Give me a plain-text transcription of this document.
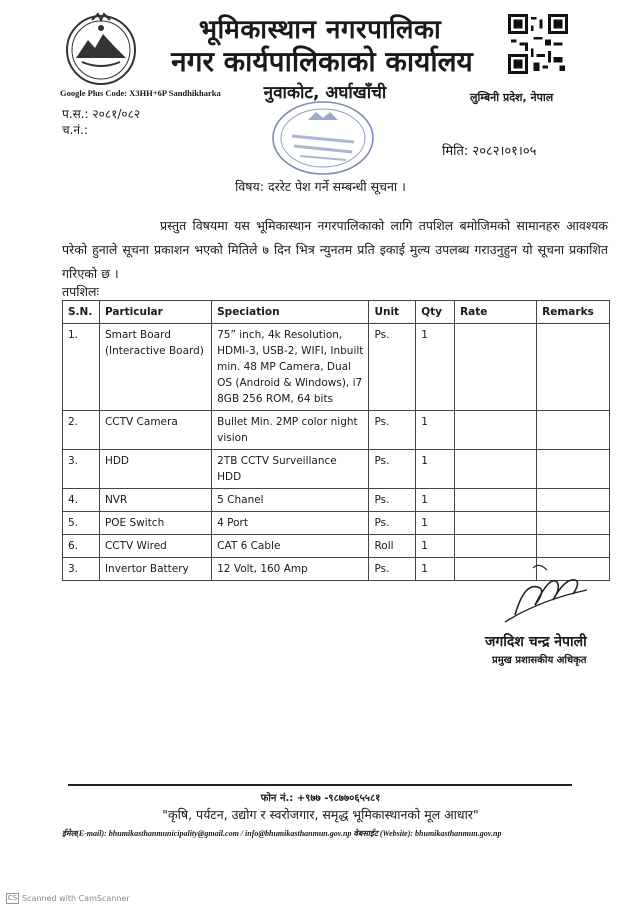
भूमिकास्थान नगरपालिका
नगर कार्यपालिकाको कार्यालय
नुवाकोट, अर्घाखाँची
Google Plus Code: X3HH+6P Sandhikharka	लुम्बिनी प्रदेश, नेपाल
प.स.: २०८१/०८२
च.नं.:
मिति: २०८२।०१।०५
विषय: दररेट पेश गर्ने सम्बन्धी सूचना ।
प्रस्तुत विषयमा यस भूमिकास्थान नगरपालिकाको लागि तपशिल बमोजिमको सामानहरु आवश्यक परेको हुनाले सूचना प्रकाशन भएको मितिले ७ दिन भित्र न्युनतम प्रति इकाई मुल्य उपलब्ध गराउनुहुन यो सूचना प्रकाशित गरिएको छ ।
तपशिलः
S.N.	Particular	Speciation	Unit	Qty	Rate	Remarks
1.	Smart Board (Interactive Board)	75” inch, 4k Resolution, HDMI-3, USB-2, WIFI, Inbuilt min. 48 MP Camera, Dual OS (Android & Windows), i7 8GB 256 ROM, 64 bits	Ps.	1		
2.	CCTV Camera	Bullet Min. 2MP color night vision	Ps.	1		
3.	HDD	2TB CCTV Surveillance HDD	Ps.	1		
4.	NVR	5 Chanel	Ps.	1		
5.	POE Switch	4 Port	Ps.	1		
6.	CCTV Wired	CAT 6 Cable	Roll	1		
3.	Invertor Battery	12 Volt, 160 Amp	Ps.	1		
जगदिश चन्द्र नेपाली
प्रमुख प्रशासकीय अधिकृत
फोन नं.: +९७७ -९८७७०६५५८१
"कृषि, पर्यटन, उद्योग र स्वरोजगार, समृद्ध भूमिकास्थानको मूल आधार"
ईमेल(E-mail): bhumikasthanmunicipality@gmail.com / info@bhumikasthanmun.gov.np वेबसाईट (Website): bhumikasthanmun.gov.np
CS Scanned with CamScanner
